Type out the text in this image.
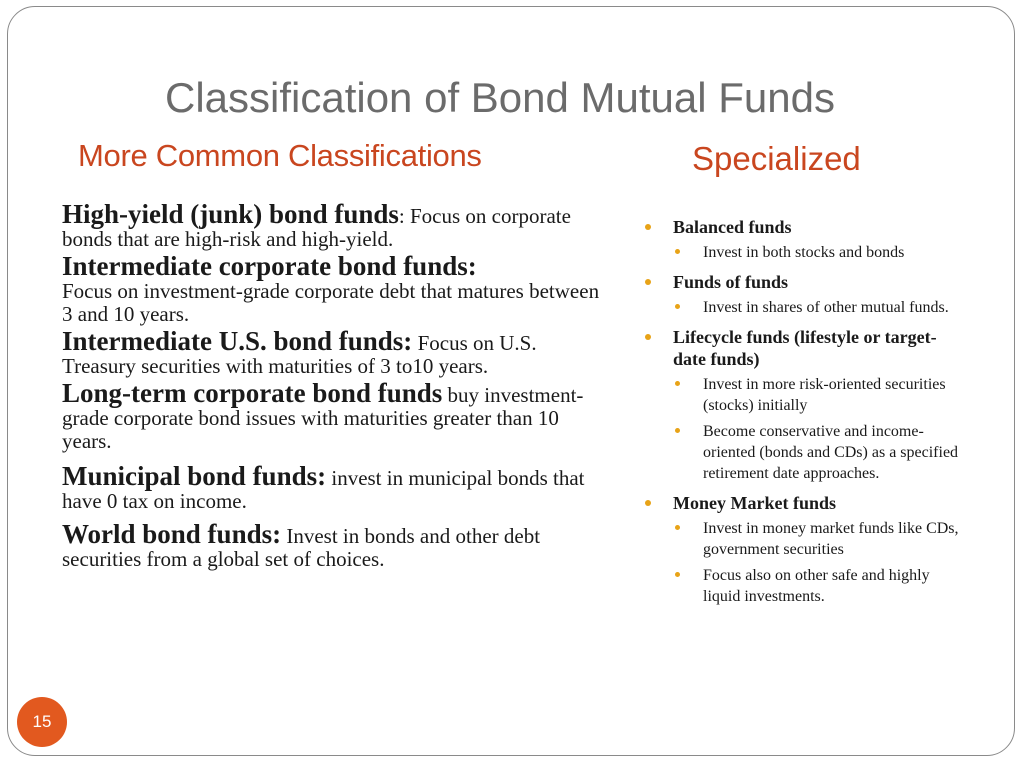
Classification of Bond Mutual Funds
More Common Classifications	Specialized

High-yield (junk) bond funds: Focus on corporate bonds that are high-risk and high-yield.

Intermediate corporate bond funds:
Focus on investment-grade corporate debt that matures between 3 and 10 years.

Intermediate U.S. bond funds: Focus on U.S. Treasury securities with maturities of 3 to10 years.

Long-term corporate bond funds buy investment-grade corporate bond issues with maturities greater than 10 years.

Municipal bond funds: invest in municipal bonds that have 0 tax on income.

World bond funds: Invest in bonds and other debt securities from a global set of choices.

Balanced funds
Invest in both stocks and bonds
Funds of funds
Invest in shares of other mutual funds.
Lifecycle funds (lifestyle or target-date funds)
Invest in more risk-oriented securities (stocks) initially
Become conservative and income-oriented (bonds and CDs) as a specified retirement date approaches.
Money Market funds
Invest in money market funds like CDs, government securities
Focus also on other safe and highly liquid investments.
15
